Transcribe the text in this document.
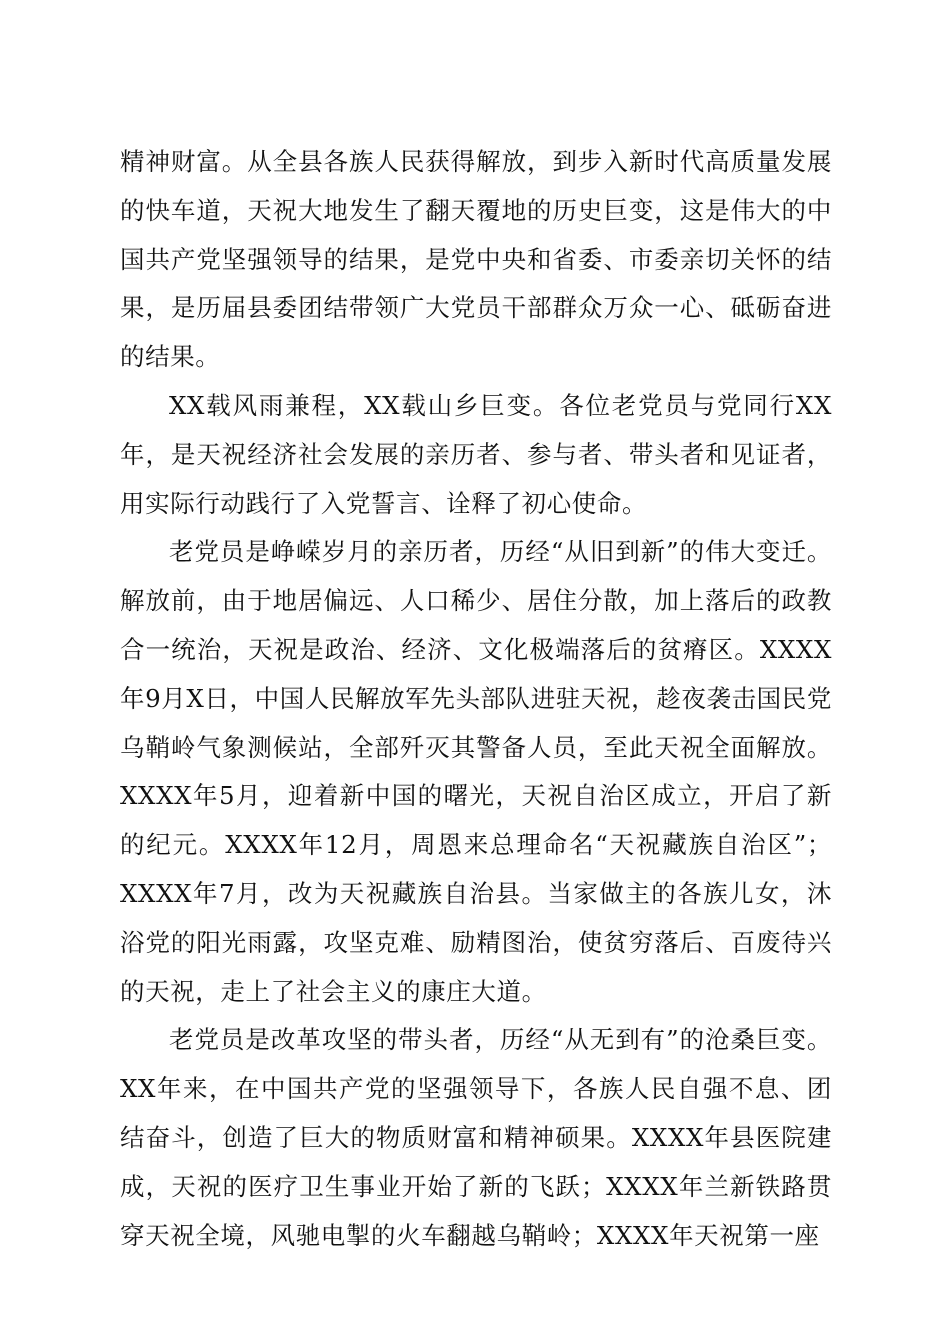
精神财富。从全县各族人民获得解放，到步入新时代高质量发展的快车道，天祝大地发生了翻天覆地的历史巨变，这是伟大的中国共产党坚强领导的结果，是党中央和省委、市委亲切关怀的结果，是历届县委团结带领广大党员干部群众万众一心、砥砺奋进的结果。

XX载风雨兼程，XX载山乡巨变。各位老党员与党同行XX年，是天祝经济社会发展的亲历者、参与者、带头者和见证者，用实际行动践行了入党誓言、诠释了初心使命。

老党员是峥嵘岁月的亲历者，历经“从旧到新”的伟大变迁。解放前，由于地居偏远、人口稀少、居住分散，加上落后的政教合一统治，天祝是政治、经济、文化极端落后的贫瘠区。XXXX年9月X日，中国人民解放军先头部队进驻天祝，趁夜袭击国民党乌鞘岭气象测候站，全部歼灭其警备人员，至此天祝全面解放。XXXX年5月，迎着新中国的曙光，天祝自治区成立，开启了新的纪元。XXXX年12月，周恩来总理命名“天祝藏族自治区”；XXXX年7月，改为天祝藏族自治县。当家做主的各族儿女，沐浴党的阳光雨露，攻坚克难、励精图治，使贫穷落后、百废待兴的天祝，走上了社会主义的康庄大道。

老党员是改革攻坚的带头者，历经“从无到有”的沧桑巨变。XX年来，在中国共产党的坚强领导下，各族人民自强不息、团结奋斗，创造了巨大的物质财富和精神硕果。XXXX年县医院建成，天祝的医疗卫生事业开始了新的飞跃；XXXX年兰新铁路贯穿天祝全境，风驰电掣的火车翻越乌鞘岭；XXXX年天祝第一座
